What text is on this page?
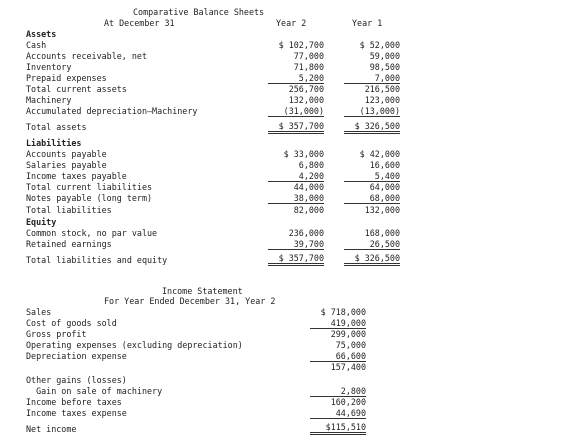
Comparative Balance Sheets
At December 31	Year 2	Year 1
Assets
Cash	$ 102,700	$ 52,000
Accounts receivable, net	77,000	59,000
Inventory	71,800	98,500
Prepaid expenses	5,200	7,000
Total current assets	256,700	216,500
Machinery	132,000	123,000
Accumulated depreciation—Machinery	(31,000)	(13,000)
Total assets	$ 357,700	$ 326,500
Liabilities
Accounts payable	$ 33,000	$ 42,000
Salaries payable	6,800	16,600
Income taxes payable	4,200	5,400
Total current liabilities	44,000	64,000
Notes payable (long term)	38,000	68,000
Total liabilities	82,000	132,000
Equity
Common stock, no par value	236,000	168,000
Retained earnings	39,700	26,500
Total liabilities and equity	$ 357,700	$ 326,500
Income Statement
For Year Ended December 31, Year 2
Sales	$ 718,000
Cost of goods sold	419,000
Gross profit	299,000
Operating expenses (excluding depreciation)	75,000
Depreciation expense	66,600
157,400
Other gains (losses)
Gain on sale of machinery	2,800
Income before taxes	160,200
Income taxes expense	44,690
Net income	$115,510
